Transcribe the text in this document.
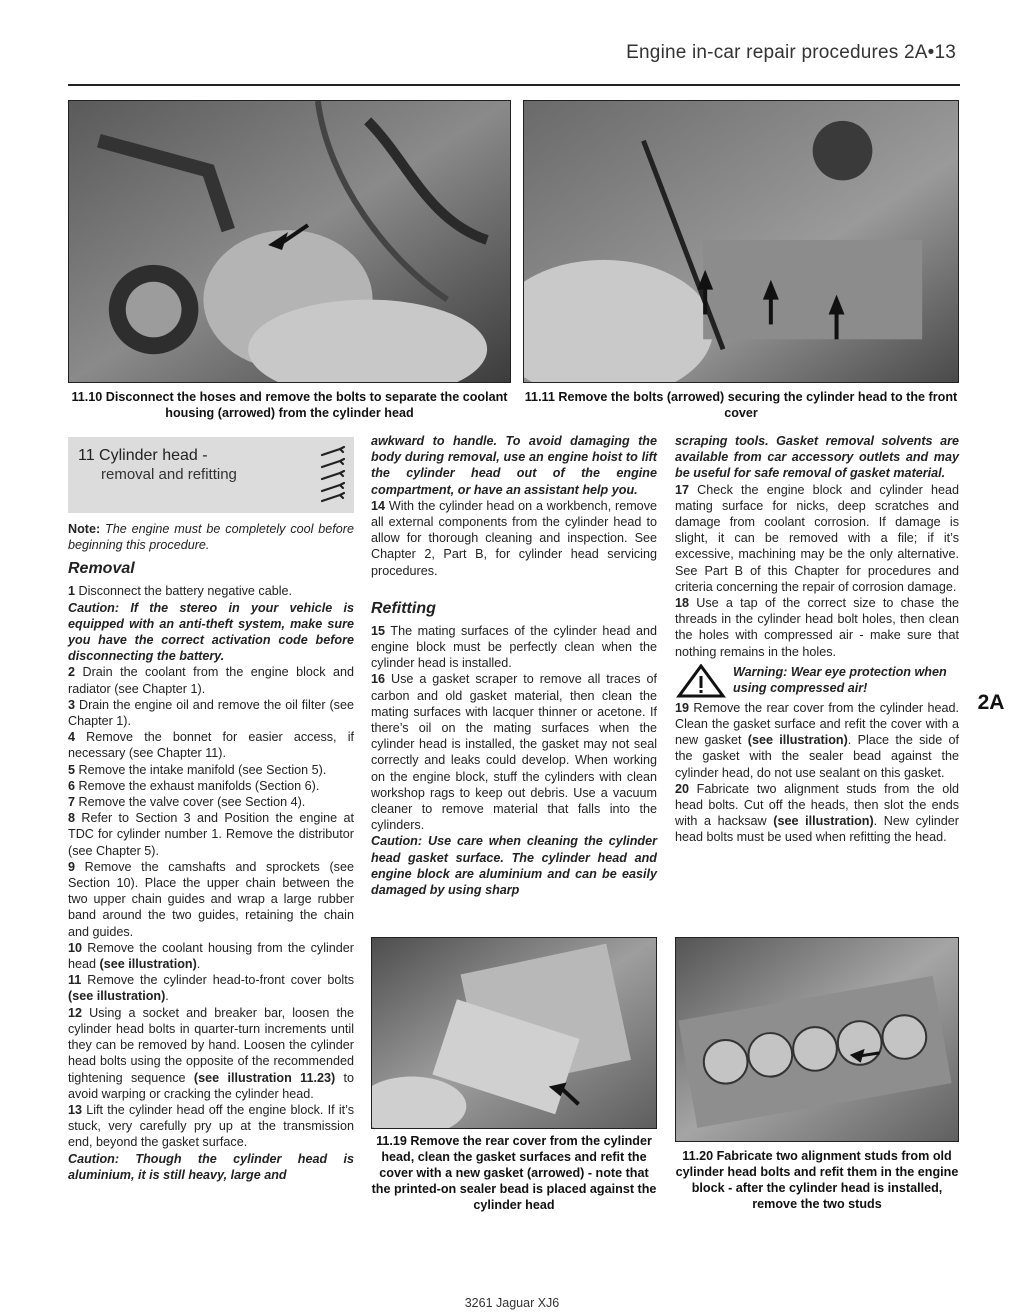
Engine in-car repair procedures 2A•13
11.10 Disconnect the hoses and remove the bolts to separate the coolant housing (arrowed) from the cylinder head
11.11 Remove the bolts (arrowed) securing the cylinder head to the front cover
11 Cylinder head -
removal and refitting

Note: The engine must be completely cool before beginning this procedure.

Removal

1 Disconnect the battery negative cable.

Caution: If the stereo in your vehicle is equipped with an anti-theft system, make sure you have the correct activation code before disconnecting the battery.

2 Drain the coolant from the engine block and radiator (see Chapter 1).

3 Drain the engine oil and remove the oil filter (see Chapter 1).

4 Remove the bonnet for easier access, if necessary (see Chapter 11).

5 Remove the intake manifold (see Section 5).

6 Remove the exhaust manifolds (Section 6).

7 Remove the valve cover (see Section 4).

8 Refer to Section 3 and Position the engine at TDC for cylinder number 1. Remove the distributor (see Chapter 5).

9 Remove the camshafts and sprockets (see Section 10). Place the upper chain between the two upper chain guides and wrap a large rubber band around the two guides, retaining the chain and guides.

10 Remove the coolant housing from the cylinder head (see illustration).

11 Remove the cylinder head-to-front cover bolts (see illustration).

12 Using a socket and breaker bar, loosen the cylinder head bolts in quarter-turn increments until they can be removed by hand. Loosen the cylinder head bolts using the opposite of the recommended tightening sequence (see illustration 11.23) to avoid warping or cracking the cylinder head.

13 Lift the cylinder head off the engine block. If it’s stuck, very carefully pry up at the transmission end, beyond the gasket surface.

Caution: Though the cylinder head is aluminium, it is still heavy, large and

awkward to handle. To avoid damaging the body during removal, use an engine hoist to lift the cylinder head out of the engine compartment, or have an assistant help you.

14 With the cylinder head on a workbench, remove all external components from the cylinder head to allow for thorough cleaning and inspection. See Chapter 2, Part B, for cylinder head servicing procedures.

Refitting

15 The mating surfaces of the cylinder head and engine block must be perfectly clean when the cylinder head is installed.

16 Use a gasket scraper to remove all traces of carbon and old gasket material, then clean the mating surfaces with lacquer thinner or acetone. If there’s oil on the mating surfaces when the cylinder head is installed, the gasket may not seal correctly and leaks could develop. When working on the engine block, stuff the cylinders with clean workshop rags to keep out debris. Use a vacuum cleaner to remove material that falls into the cylinders.

Caution: Use care when cleaning the cylinder head gasket surface. The cylinder head and engine block are aluminium and can be easily damaged by using sharp

scraping tools. Gasket removal solvents are available from car accessory outlets and may be useful for safe removal of gasket material.

17 Check the engine block and cylinder head mating surface for nicks, deep scratches and damage from coolant corrosion. If damage is slight, it can be removed with a file; if it’s excessive, machining may be the only alternative. See Part B of this Chapter for procedures and criteria concerning the repair of corrosion damage.

18 Use a tap of the correct size to chase the threads in the cylinder head bolt holes, then clean the holes with compressed air - make sure that nothing remains in the holes.

Warning: Wear eye protection when using compressed air!

19 Remove the rear cover from the cylinder head. Clean the gasket surface and refit the cover with a new gasket (see illustration). Place the side of the gasket with the sealer bead against the cylinder head, do not use sealant on this gasket.

20 Fabricate two alignment studs from the old head bolts. Cut off the heads, then slot the ends with a hacksaw (see illustration). New cylinder head bolts must be used when refitting the head.

2A
11.19 Remove the rear cover from the cylinder head, clean the gasket surfaces and refit the cover with a new gasket (arrowed) - note that the printed-on sealer bead is placed against the cylinder head
11.20 Fabricate two alignment studs from old cylinder head bolts and refit them in the engine block - after the cylinder head is installed, remove the two studs
3261 Jaguar XJ6
